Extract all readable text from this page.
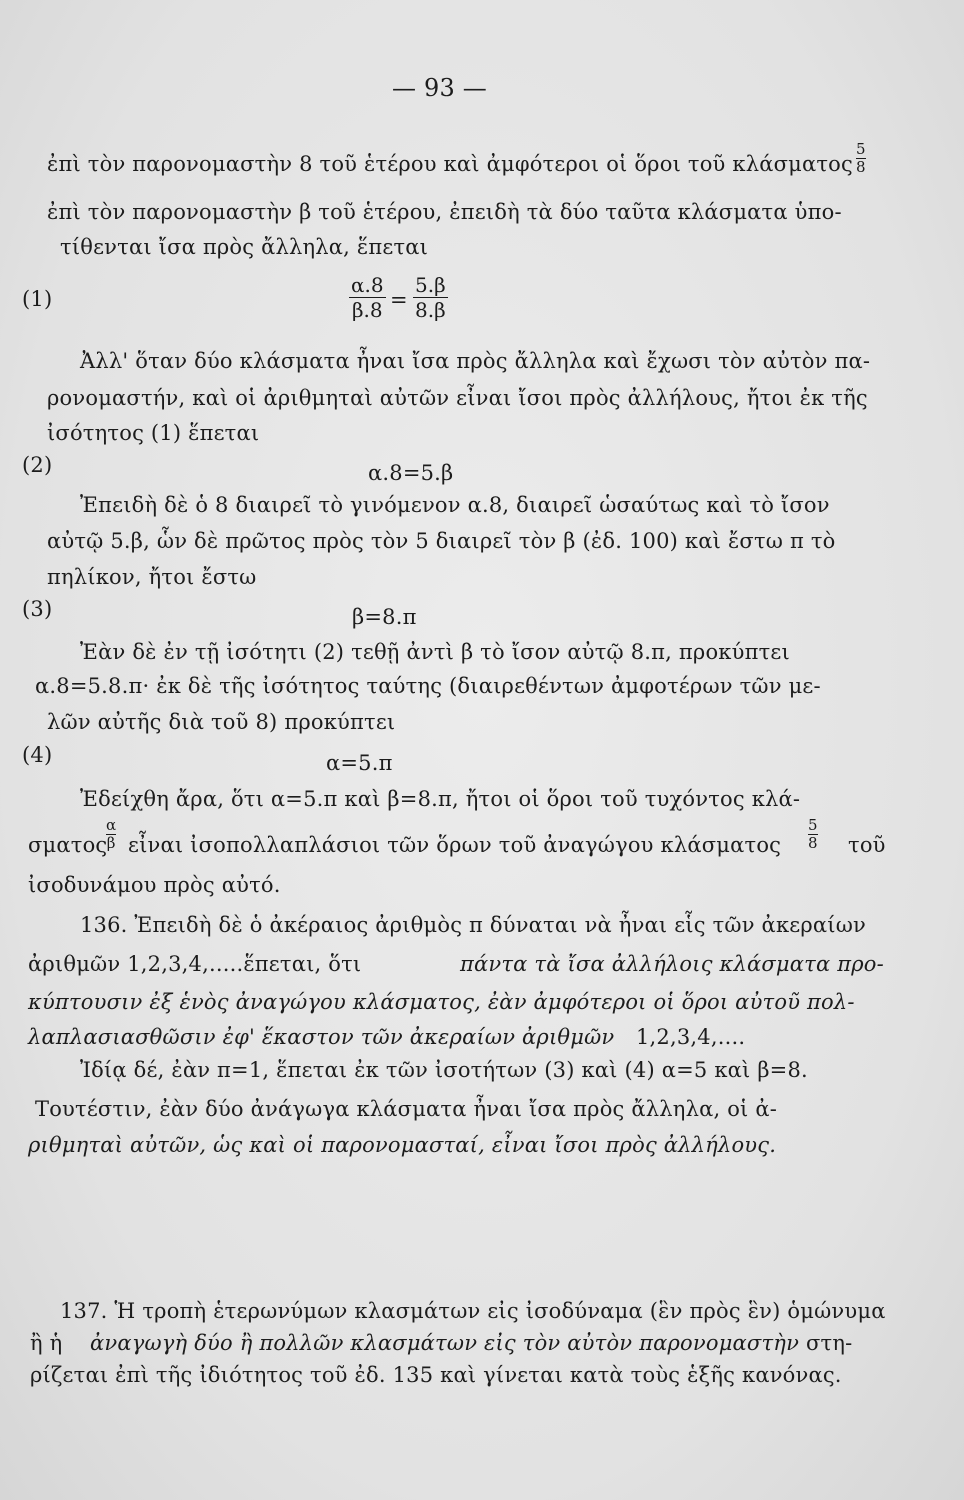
— 93 —
ἐπὶ τὸν παρονομαστὴν 8 τοῦ ἑτέρου καὶ ἀμφότεροι οἱ ὅροι τοῦ κλάσματος
5
8
ἐπὶ τὸν παρονομαστὴν β τοῦ ἑτέρου, ἐπειδὴ τὰ δύο ταῦτα κλάσματα ὑπο-
τίθενται ἴσα πρὸς ἄλληλα, ἕπεται
(1)
α.8
β.8 =
5.β
8.β
Ἀλλ' ὅταν δύο κλάσματα ἦναι ἴσα πρὸς ἄλληλα καὶ ἔχωσι τὸν αὐτὸν πα-
ρονομαστήν, καὶ οἱ ἀριθμηταὶ αὐτῶν εἶναι ἴσοι πρὸς ἀλλήλους, ἤτοι ἐκ τῆς
ἰσότητος (1) ἕπεται
(2)	α.8=5.β
Ἐπειδὴ δὲ ὁ 8 διαιρεῖ τὸ γινόμενον α.8, διαιρεῖ ὡσαύτως καὶ τὸ ἴσον
αὐτῷ 5.β, ὧν δὲ πρῶτος πρὸς τὸν 5 διαιρεῖ τὸν β (ἐδ. 100) καὶ ἔστω π τὸ
πηλίκον, ἤτοι ἔστω
(3)	β=8.π
Ἐὰν δὲ ἐν τῇ ἰσότητι (2) τεθῇ ἀντὶ β τὸ ἴσον αὐτῷ 8.π, προκύπτει
α.8=5.8.π· ἐκ δὲ τῆς ἰσότητος ταύτης (διαιρεθέντων ἀμφοτέρων τῶν με-
λῶν αὐτῆς διὰ τοῦ 8) προκύπτει
(4)	α=5.π
Ἐδείχθη ἄρα, ὅτι α=5.π καὶ β=8.π, ἤτοι οἱ ὅροι τοῦ τυχόντος κλά-
σματος
α
β εἶναι ἰσοπολλαπλάσιοι τῶν ὅρων τοῦ ἀναγώγου κλάσματος
5
8 τοῦ
ἰσοδυνάμου πρὸς αὐτό.
136. Ἐπειδὴ δὲ ὁ ἀκέραιος ἀριθμὸς π δύναται νὰ ἦναι εἷς τῶν ἀκεραίων
ἀριθμῶν 1,2,3,4,.....ἕπεται, ὅτι	πάντα τὰ ἴσα ἀλλήλοις κλάσματα προ-
κύπτουσιν ἐξ ἑνὸς ἀναγώγου κλάσματος, ἐὰν ἀμφότεροι οἱ ὅροι αὐτοῦ πολ-
λαπλασιασθῶσιν ἐφ' ἕκαστον τῶν ἀκεραίων ἀριθμῶν 1,2,3,4,....
Ἰδίᾳ δέ, ἐὰν π=1, ἕπεται ἐκ τῶν ἰσοτήτων (3) καὶ (4) α=5 καὶ β=8.
Τουτέστιν, ἐὰν δύο ἀνάγωγα κλάσματα ἦναι ἴσα πρὸς ἄλληλα, οἱ ἀ-
ριθμηταὶ αὐτῶν, ὡς καὶ οἱ παρονομασταί, εἶναι ἴσοι πρὸς ἀλλήλους.
137. Ἡ τροπὴ ἑτερωνύμων κλασμάτων εἰς ἰσοδύναμα (ἓν πρὸς ἓν) ὁμώνυμα
ἢ ἡ ἀναγωγὴ δύο ἢ πολλῶν κλασμάτων εἰς τὸν αὐτὸν παρονομαστὴν στη-
ρίζεται ἐπὶ τῆς ἰδιότητος τοῦ ἐδ. 135 καὶ γίνεται κατὰ τοὺς ἑξῆς κανόνας.
